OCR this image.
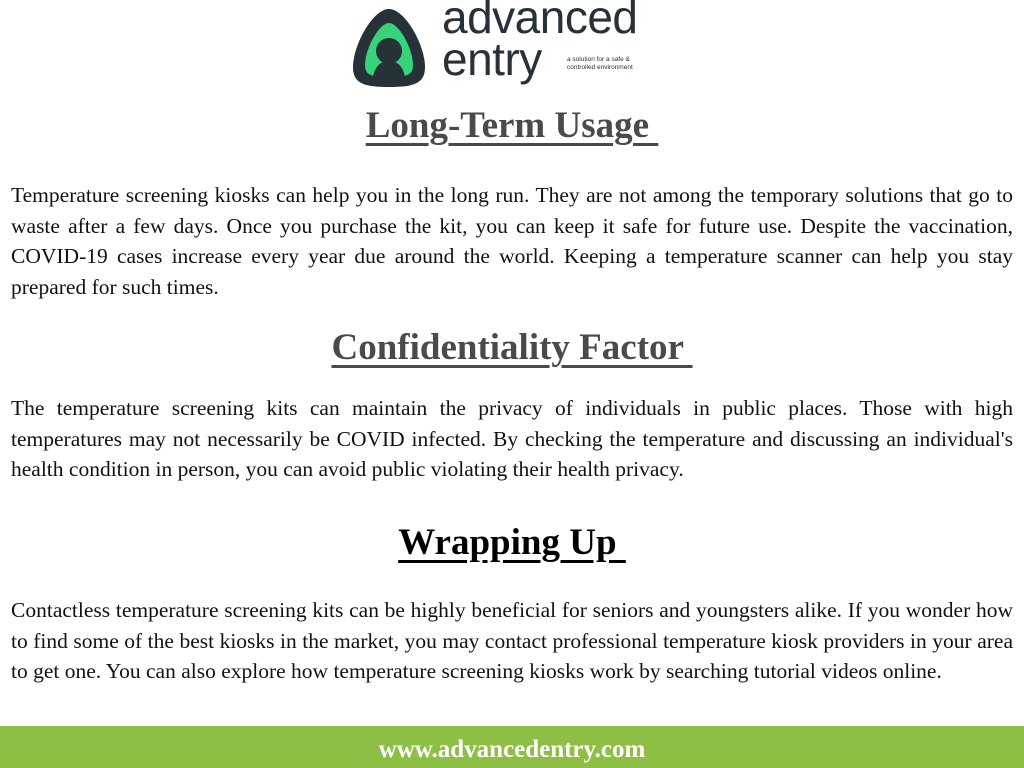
advanced
entry	a solution for a safe & controlled environment
Long-Term Usage

Temperature screening kiosks can help you in the long run. They are not among the temporary solutions that go to waste after a few days. Once you purchase the kit, you can keep it safe for future use. Despite the vaccination, COVID-19 cases increase every year due around the world. Keeping a temperature scanner can help you stay prepared for such times.

Confidentiality Factor

The temperature screening kits can maintain the privacy of individuals in public places. Those with high temperatures may not necessarily be COVID infected. By checking the temperature and discussing an individual's health condition in person, you can avoid public violating their health privacy.

Wrapping Up

Contactless temperature screening kits can be highly beneficial for seniors and youngsters alike. If you wonder how to find some of the best kiosks in the market, you may contact professional temperature kiosk providers in your area to get one. You can also explore how temperature screening kiosks work by searching tutorial videos online.

www.advancedentry.com
